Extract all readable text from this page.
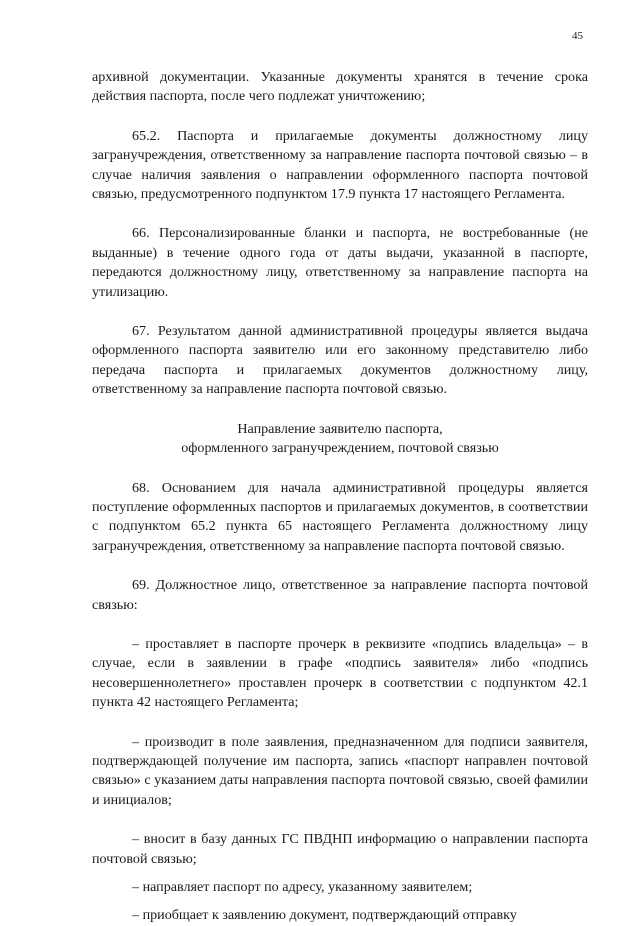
45

архивной документации. Указанные документы хранятся в течение срока действия паспорта, после чего подлежат уничтожению;

65.2. Паспорта и прилагаемые документы должностному лицу загранучреждения, ответственному за направление паспорта почтовой связью – в случае наличия заявления о направлении оформленного паспорта почтовой связью, предусмотренного подпунктом 17.9 пункта 17 настоящего Регламента.

66. Персонализированные бланки и паспорта, не востребованные (не выданные) в течение одного года от даты выдачи, указанной в паспорте, передаются должностному лицу, ответственному за направление паспорта на утилизацию.

67. Результатом данной административной процедуры является выдача оформленного паспорта заявителю или его законному представителю либо передача паспорта и прилагаемых документов должностному лицу, ответственному за направление паспорта почтовой связью.

Направление заявителю паспорта,

оформленного загранучреждением, почтовой связью

68. Основанием для начала административной процедуры является поступление оформленных паспортов и прилагаемых документов, в соответствии с подпунктом 65.2 пункта 65 настоящего Регламента должностному лицу загранучреждения, ответственному за направление паспорта почтовой связью.

69. Должностное лицо, ответственное за направление паспорта почтовой связью:

– проставляет в паспорте прочерк в реквизите «подпись владельца» – в случае, если в заявлении в графе «подпись заявителя» либо «подпись несовершеннолетнего» проставлен прочерк в соответствии с подпунктом 42.1 пункта 42 настоящего Регламента;

– производит в поле заявления, предназначенном для подписи заявителя, подтверждающей получение им паспорта, запись «паспорт направлен почтовой связью» с указанием даты направления паспорта почтовой связью, своей фамилии и инициалов;

– вносит в базу данных ГС ПВДНП информацию о направлении паспорта почтовой связью;

– направляет паспорт по адресу, указанному заявителем;

– приобщает к заявлению документ, подтверждающий отправку
